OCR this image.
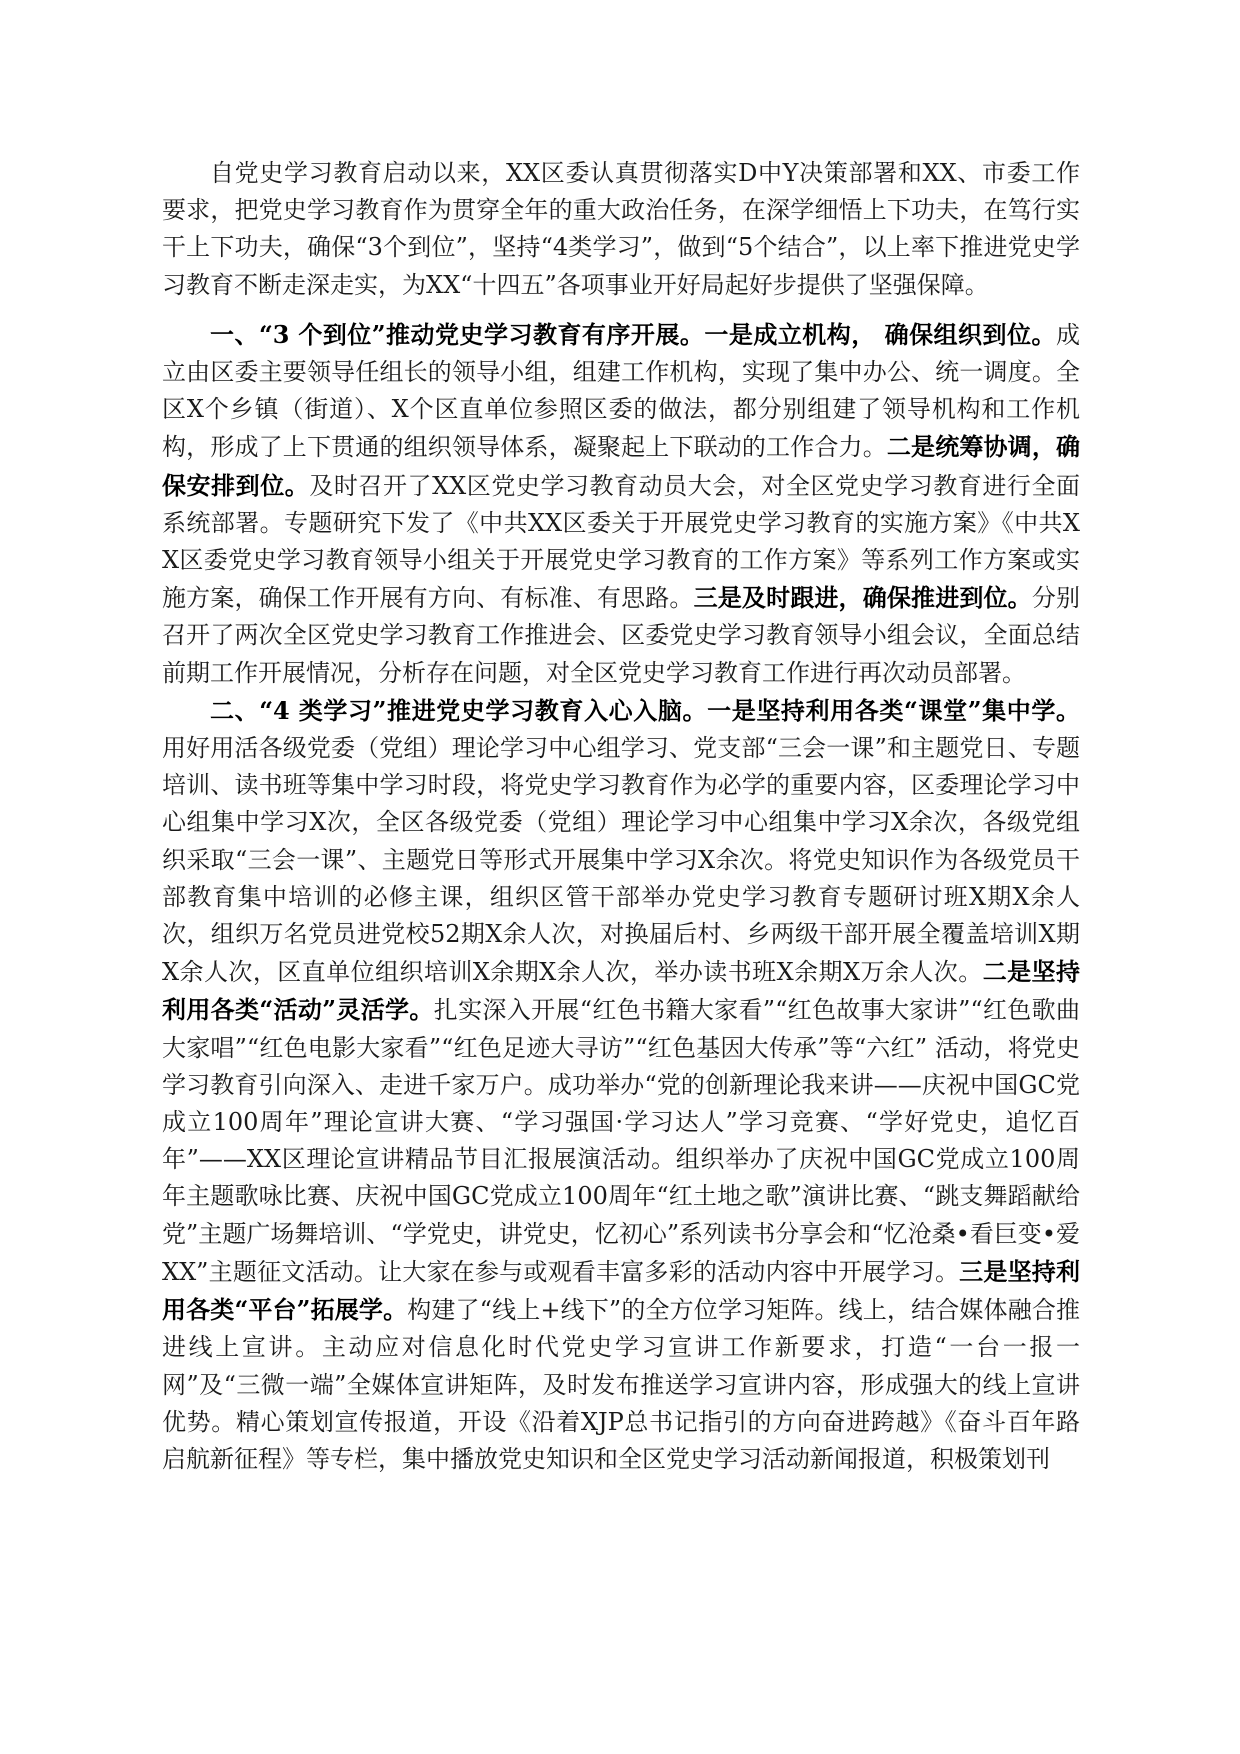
自党史学习教育启动以来，XX区委认真贯彻落实D中Y决策部署和XX、市委工作要求，把党史学习教育作为贯穿全年的重大政治任务，在深学细悟上下功夫，在笃行实干上下功夫，确保“3个到位”，坚持“4类学习”，做到“5个结合”，以上率下推进党史学习教育不断走深走实，为XX“十四五”各项事业开好局起好步提供了坚强保障。

一、“3 个到位”推动党史学习教育有序开展。一是成立机构， 确保组织到位。成立由区委主要领导任组长的领导小组，组建工作机构，实现了集中办公、统一调度。全区X个乡镇（街道）、X个区直单位参照区委的做法，都分别组建了领导机构和工作机构，形成了上下贯通的组织领导体系，凝聚起上下联动的工作合力。二是统筹协调，确保安排到位。及时召开了XX区党史学习教育动员大会，对全区党史学习教育进行全面系统部署。专题研究下发了《中共XX区委关于开展党史学习教育的实施方案》《中共XX区委党史学习教育领导小组关于开展党史学习教育的工作方案》等系列工作方案或实施方案，确保工作开展有方向、有标准、有思路。三是及时跟进，确保推进到位。分别召开了两次全区党史学习教育工作推进会、区委党史学习教育领导小组会议，全面总结前期工作开展情况，分析存在问题，对全区党史学习教育工作进行再次动员部署。

二、“4 类学习”推进党史学习教育入心入脑。一是坚持利用各类“课堂”集中学。用好用活各级党委（党组）理论学习中心组学习、党支部“三会一课”和主题党日、专题培训、读书班等集中学习时段，将党史学习教育作为必学的重要内容，区委理论学习中心组集中学习X次，全区各级党委（党组）理论学习中心组集中学习X余次，各级党组织采取“三会一课”、主题党日等形式开展集中学习X余次。将党史知识作为各级党员干部教育集中培训的必修主课，组织区管干部举办党史学习教育专题研讨班X期X余人次，组织万名党员进党校52期X余人次，对换届后村、乡两级干部开展全覆盖培训X期X余人次，区直单位组织培训X余期X余人次，举办读书班X余期X万余人次。二是坚持利用各类“活动”灵活学。扎实深入开展“红色书籍大家看”“红色故事大家讲”“红色歌曲大家唱”“红色电影大家看”“红色足迹大寻访”“红色基因大传承”等“六红” 活动，将党史学习教育引向深入、走进千家万户。成功举办“党的创新理论我来讲——庆祝中国GC党成立100周年”理论宣讲大赛、“学习强国·学习达人”学习竞赛、“学好党史，追忆百年”——XX区理论宣讲精品节目汇报展演活动。组织举办了庆祝中国GC党成立100周年主题歌咏比赛、庆祝中国GC党成立100周年“红土地之歌”演讲比赛、“跳支舞蹈献给党”主题广场舞培训、“学党史，讲党史，忆初心”系列读书分享会和“忆沧桑•看巨变•爱XX”主题征文活动。让大家在参与或观看丰富多彩的活动内容中开展学习。三是坚持利用各类“平台”拓展学。构建了“线上+线下”的全方位学习矩阵。线上，结合媒体融合推进线上宣讲。主动应对信息化时代党史学习宣讲工作新要求，打造“一台一报一网”及“三微一端”全媒体宣讲矩阵，及时发布推送学习宣讲内容，形成强大的线上宣讲优势。精心策划宣传报道，开设《沿着XJP总书记指引的方向奋进跨越》《奋斗百年路启航新征程》等专栏，集中播放党史知识和全区党史学习活动新闻报道，积极策划刊
